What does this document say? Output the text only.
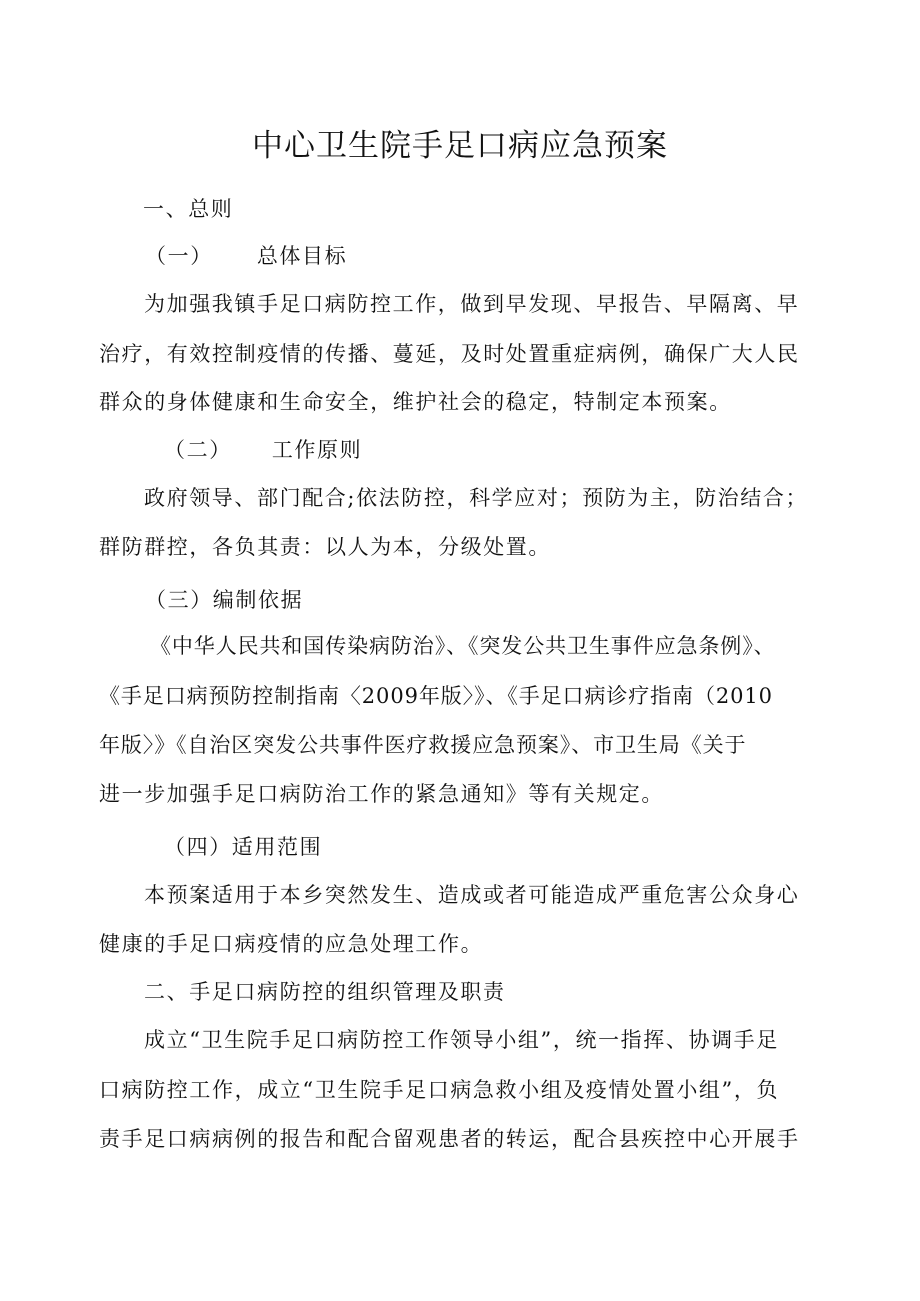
中心卫生院手足口病应急预案
一、总则
（一） 总体目标
为加强我镇手足口病防控工作，做到早发现、早报告、早隔离、早
治疗，有效控制疫情的传播、蔓延，及时处置重症病例，确保广大人民
群众的身体健康和生命安全，维护社会的稳定，特制定本预案。
（二） 工作原则
政府领导、部门配合;依法防控，科学应对；预防为主，防治结合；
群防群控，各负其责：以人为本，分级处置。
（三）编制依据
《中华人民共和国传染病防治》、《突发公共卫生事件应急条例》、
《手足口病预防控制指南〈2009年版〉》、《手足口病诊疗指南（2010
年版〉》《自治区突发公共事件医疗救援应急预案》、市卫生局《关于
进一步加强手足口病防治工作的紧急通知》等有关规定。
（四）适用范围
本预案适用于本乡突然发生、造成或者可能造成严重危害公众身心
健康的手足口病疫情的应急处理工作。
二、手足口病防控的组织管理及职责
成立“卫生院手足口病防控工作领导小组”，统一指挥、协调手足
口病防控工作，成立“卫生院手足口病急救小组及疫情处置小组”，负
责手足口病病例的报告和配合留观患者的转运，配合县疾控中心开展手
